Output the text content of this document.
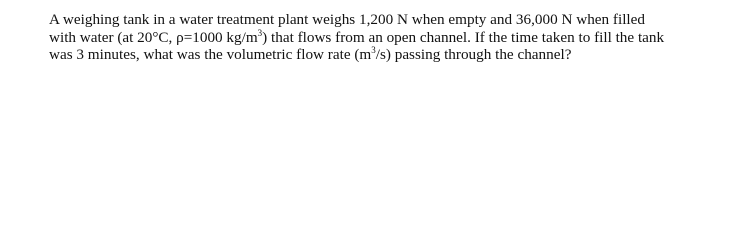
A weighing tank in a water treatment plant weighs 1,200 N when empty and 36,000 N when filled
with water (at 20°C, ρ=1000 $kg/m^3$) that flows from an open channel. If the time taken to fill the tank
was 3 minutes, what was the volumetric flow rate $(m^3/s)$ passing through the channel?
